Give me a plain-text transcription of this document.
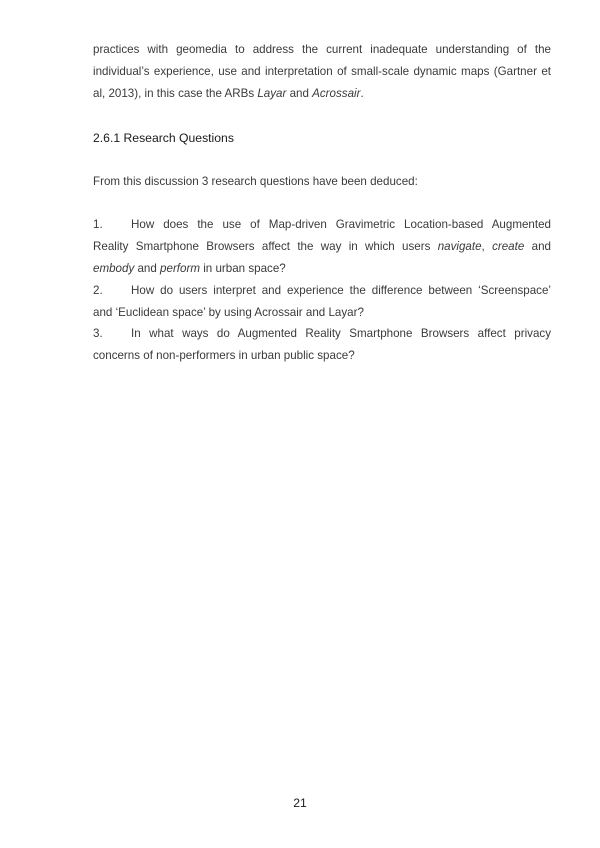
practices with geomedia to address the current inadequate understanding of the
individual’s experience, use and interpretation of small-scale dynamic maps (Gartner et
al, 2013), in this case the ARBs Layar and Acrossair.
2.6.1 Research Questions
From this discussion 3 research questions have been deduced:
1. How does the use of Map-driven Gravimetric Location-based Augmented
Reality Smartphone Browsers affect the way in which users navigate, create and
embody and perform in urban space?
2. How do users interpret and experience the difference between ‘Screenspace’
and ‘Euclidean space’ by using Acrossair and Layar?
3. In what ways do Augmented Reality Smartphone Browsers affect privacy
concerns of non-performers in urban public space?
21
